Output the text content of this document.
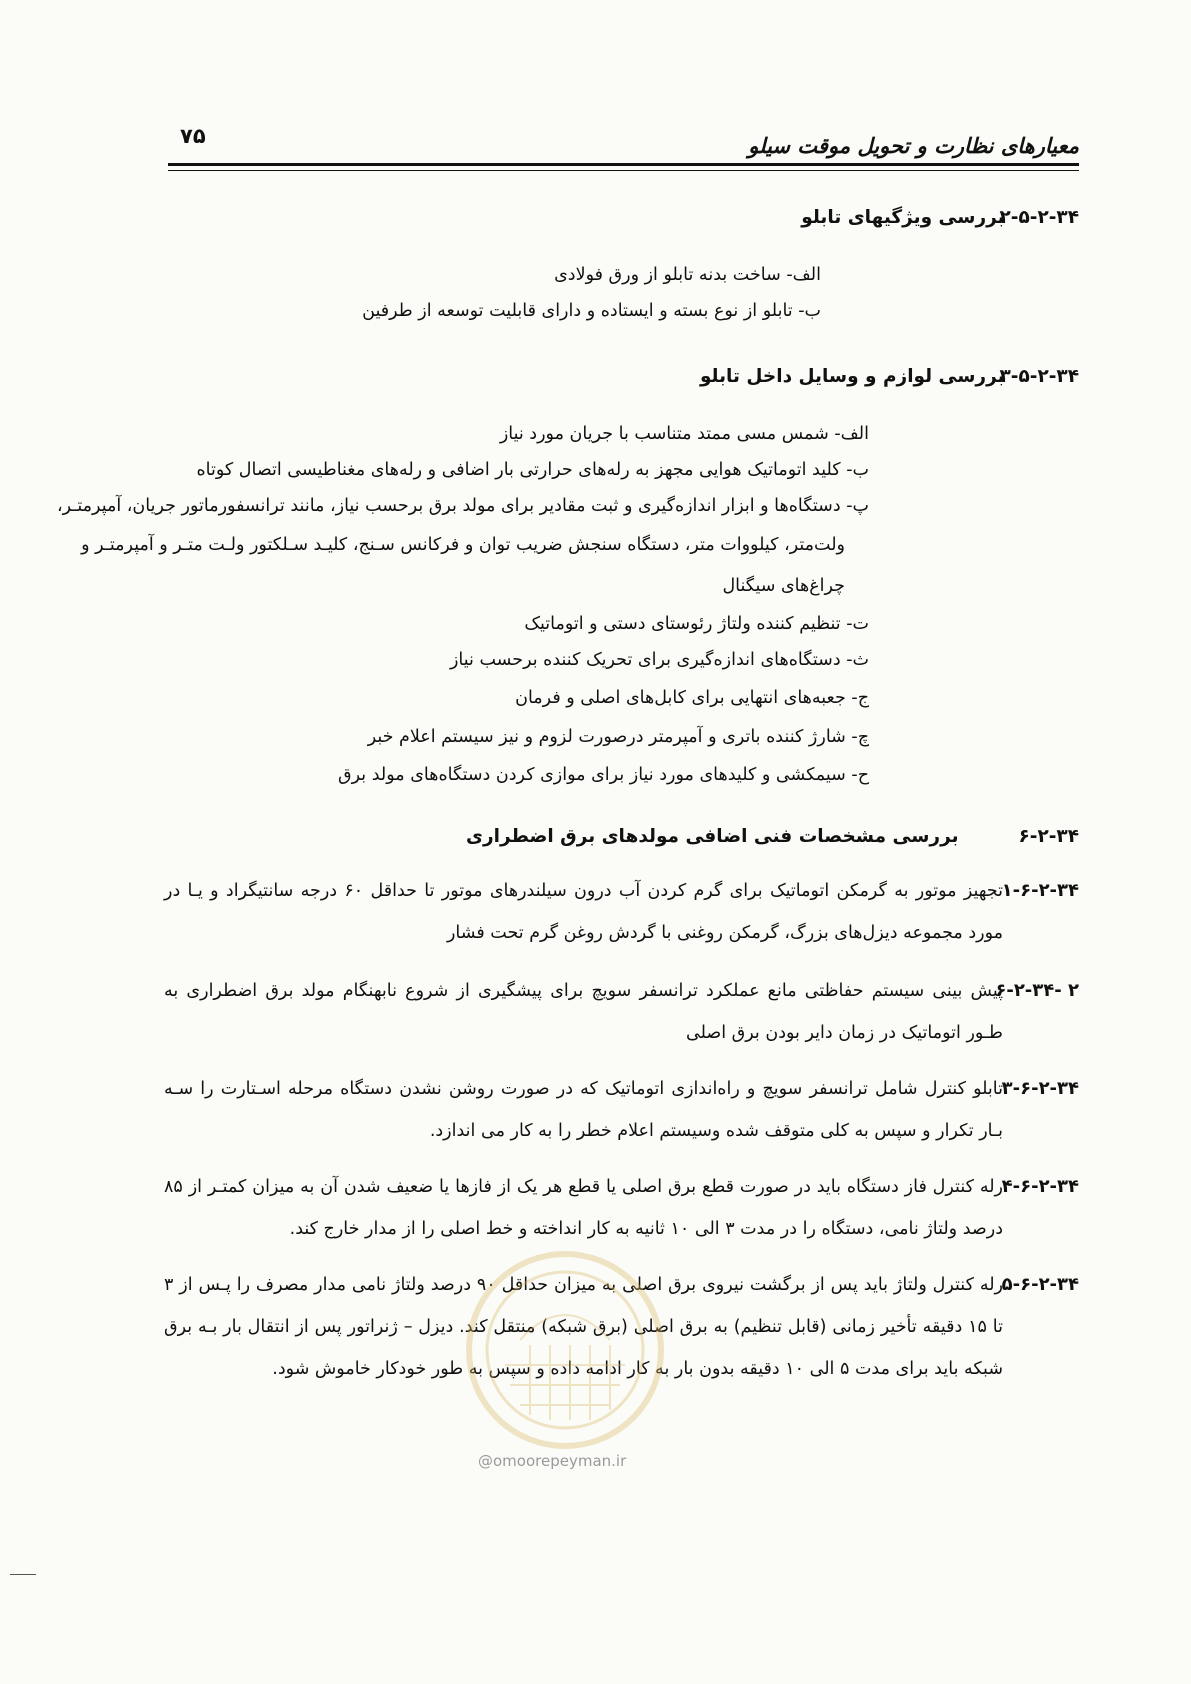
معیارهای نظارت و تحویل موقت سیلو
۷۵
۲-۵-۲-۳۴ بررسی ویژگیهای تابلو
الف- ساخت بدنه تابلو از ورق فولادی
ب- تابلو از نوع بسته و ایستاده و دارای قابلیت توسعه از طرفین
۳-۵-۲-۳۴ بررسی لوازم و وسایل داخل تابلو
الف- شمس مسی ممتد متناسب با جریان مورد نیاز
ب- کلید اتوماتیک هوایی مجهز به رله‌های حرارتی بار اضافی و رله‌های مغناطیسی اتصال کوتاه
پ- دستگاه‌ها و ابزار اندازه‌گیری و ثبت مقادیر برای مولد برق برحسب نیاز، مانند ترانسفورماتور جریان، آمپرمتـر،
ولت‌متر، کیلووات متر، دستگاه سنجش ضریب توان و فرکانس سـنج، کلیـد سـلکتور ولـت متـر و آمپرمتـر و
چراغ‌های سیگنال
ت- تنظیم کننده ولتاژ رئوستای دستی و اتوماتیک
ث- دستگاه‌های اندازه‌گیری برای تحریک کننده برحسب نیاز
ج- جعبه‌های انتهایی برای کابل‌های اصلی و فرمان
چ- شارژ کننده باتری و آمپرمتر درصورت لزوم و نیز سیستم اعلام خبر
ح- سیمکشی و کلیدهای مورد نیاز برای موازی کردن دستگاه‌های مولد برق
۶-۲-۳۴ بررسی مشخصات فنی اضافی مولدهای برق اضطراری
۱-۶-۲-۳۴
تجهیز موتور به گرمکن اتوماتیک برای گرم کردن آب درون سیلندرهای موتور تا حداقل ۶۰ درجه سانتیگراد و یـا در مورد مجموعه دیزل‌های بزرگ، گرمکن روغنی با گردش روغن گرم تحت فشار
۲ -۶-۲-۳۴
پیش بینی سیستم حفاظتی مانع عملکرد ترانسفر سویچ برای پیشگیری از شروع نابهنگام مولد برق اضطراری به طـور اتوماتیک در زمان دایر بودن برق اصلی
۳-۶-۲-۳۴
تابلو کنترل شامل ترانسفر سویچ و راه‌اندازی اتوماتیک که در صورت روشن نشدن دستگاه مرحله اسـتارت را سـه بـار تکرار و سپس به کلی متوقف شده وسیستم اعلام خطر را به کار می اندازد.
۴-۶-۲-۳۴
رله کنترل فاز دستگاه باید در صورت قطع برق اصلی یا قطع هر یک از فازها یا ضعیف شدن آن به میزان کمتـر از ۸۵ درصد ولتاژ نامی، دستگاه را در مدت ۳ الی ۱۰ ثانیه به کار انداخته و خط اصلی را از مدار خارج کند.
۵-۶-۲-۳۴
رله کنترل ولتاژ باید پس از برگشت نیروی برق اصلی به میزان حداقل ۹۰ درصد ولتاژ نامی مدار مصرف را پـس از ۳ تا ۱۵ دقیقه تأخیر زمانی (قابل تنظیم) به برق اصلی (برق شبکه) منتقل کند. دیزل – ژنراتور پس از انتقال بار بـه برق شبکه باید برای مدت ۵ الی ۱۰ دقیقه بدون بار به کار ادامه داده و سپس به طور خودکار خاموش شود.
@omoorepeyman.ir
